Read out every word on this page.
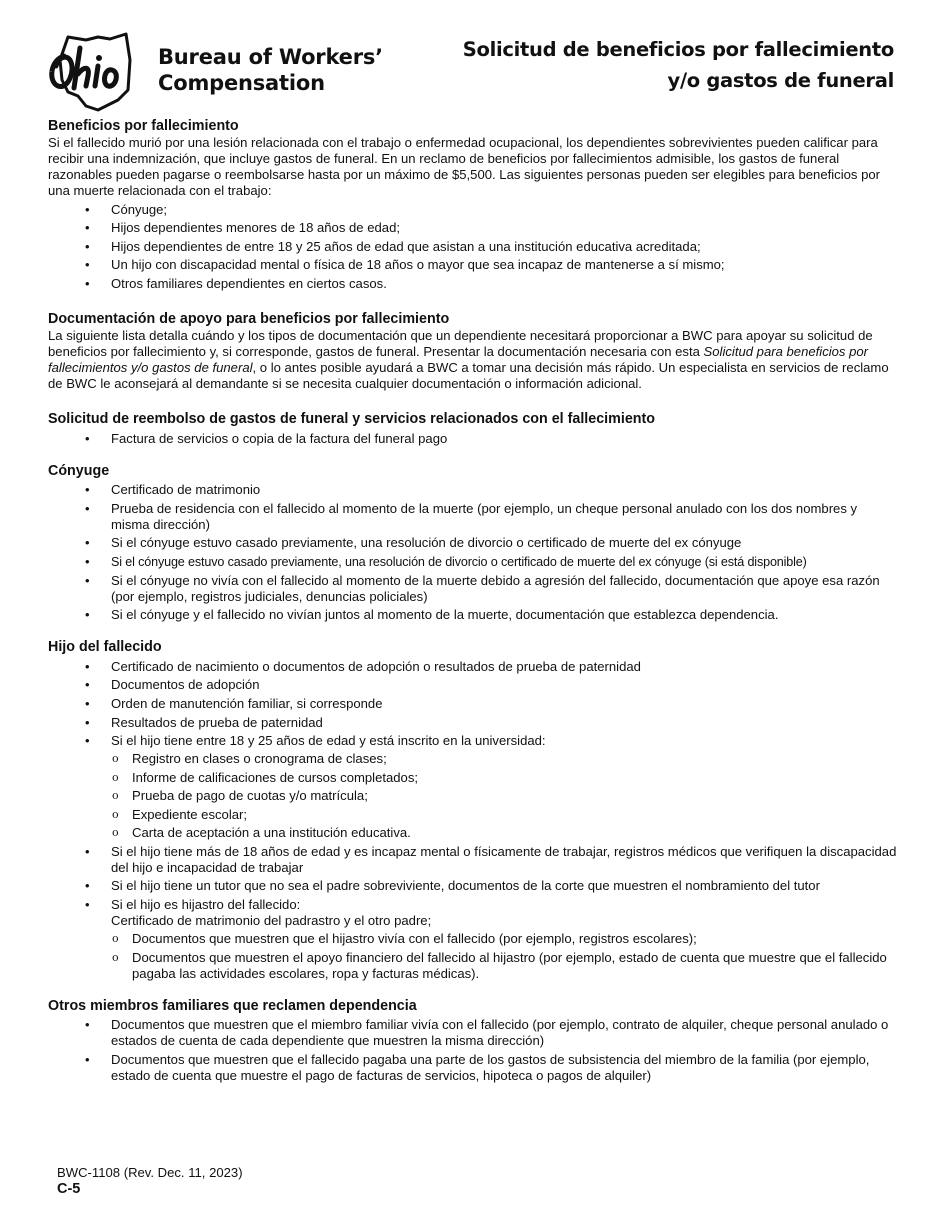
Ohio
Bureau of Workers’
Compensation
Solicitud de beneficios por fallecimiento
y/o gastos de funeral
Beneficios por fallecimiento

Si el fallecido murió por una lesión relacionada con el trabajo o enfermedad ocupacional, los dependientes sobrevivientes pueden calificar para recibir una indemnización, que incluye gastos de funeral. En un reclamo de beneficios por fallecimientos admisible, los gastos de funeral razonables pueden pagarse o reembolsarse hasta por un máximo de $5,500. Las siguientes personas pueden ser elegibles para beneficios por una muerte relacionada con el trabajo:

• Cónyuge;
• Hijos dependientes menores de 18 años de edad;
• Hijos dependientes de entre 18 y 25 años de edad que asistan a una institución educativa acreditada;
• Un hijo con discapacidad mental o física de 18 años o mayor que sea incapaz de mantenerse a sí mismo;
• Otros familiares dependientes en ciertos casos.
Documentación de apoyo para beneficios por fallecimiento

La siguiente lista detalla cuándo y los tipos de documentación que un dependiente necesitará proporcionar a BWC para apoyar su solicitud de beneficios por fallecimiento y, si corresponde, gastos de funeral. Presentar la documentación necesaria con esta Solicitud para beneficios por fallecimientos y/o gastos de funeral, o lo antes posible ayudará a BWC a tomar una decisión más rápido. Un especialista en servicios de reclamo de BWC le aconsejará al demandante si se necesita cualquier documentación o información adicional.

Solicitud de reembolso de gastos de funeral y servicios relacionados con el fallecimiento
• Factura de servicios o copia de la factura del funeral pago
Cónyuge
• Certificado de matrimonio
• Prueba de residencia con el fallecido al momento de la muerte (por ejemplo, un cheque personal anulado con los dos nombres y misma dirección)
• Si el cónyuge estuvo casado previamente, una resolución de divorcio o certificado de muerte del ex cónyuge
• Si el cónyuge estuvo casado previamente, una resolución de divorcio o certificado de muerte del ex cónyuge (si está disponible)
• Si el cónyuge no vivía con el fallecido al momento de la muerte debido a agresión del fallecido, documentación que apoye esa razón (por ejemplo, registros judiciales, denuncias policiales)
• Si el cónyuge y el fallecido no vivían juntos al momento de la muerte, documentación que establezca dependencia.
Hijo del fallecido
• Certificado de nacimiento o documentos de adopción o resultados de prueba de paternidad
• Documentos de adopción
• Orden de manutención familiar, si corresponde
• Resultados de prueba de paternidad
• Si el hijo tiene entre 18 y 25 años de edad y está inscrito en la universidad:
o Registro en clases o cronograma de clases;
o Informe de calificaciones de cursos completados;
o Prueba de pago de cuotas y/o matrícula;
o Expediente escolar;
o Carta de aceptación a una institución educativa.
• Si el hijo tiene más de 18 años de edad y es incapaz mental o físicamente de trabajar, registros médicos que verifiquen la discapacidad del hijo e incapacidad de trabajar
• Si el hijo tiene un tutor que no sea el padre sobreviviente, documentos de la corte que muestren el nombramiento del tutor
• Si el hijo es hijastro del fallecido:
Certificado de matrimonio del padrastro y el otro padre;
o Documentos que muestren que el hijastro vivía con el fallecido (por ejemplo, registros escolares);
o Documentos que muestren el apoyo financiero del fallecido al hijastro (por ejemplo, estado de cuenta que muestre que el fallecido pagaba las actividades escolares, ropa y facturas médicas).
Otros miembros familiares que reclamen dependencia
• Documentos que muestren que el miembro familiar vivía con el fallecido (por ejemplo, contrato de alquiler, cheque personal anulado o estados de cuenta de cada dependiente que muestren la misma dirección)
• Documentos que muestren que el fallecido pagaba una parte de los gastos de subsistencia del miembro de la familia (por ejemplo, estado de cuenta que muestre el pago de facturas de servicios, hipoteca o pagos de alquiler)
BWC-1108 (Rev. Dec. 11, 2023)
C-5
